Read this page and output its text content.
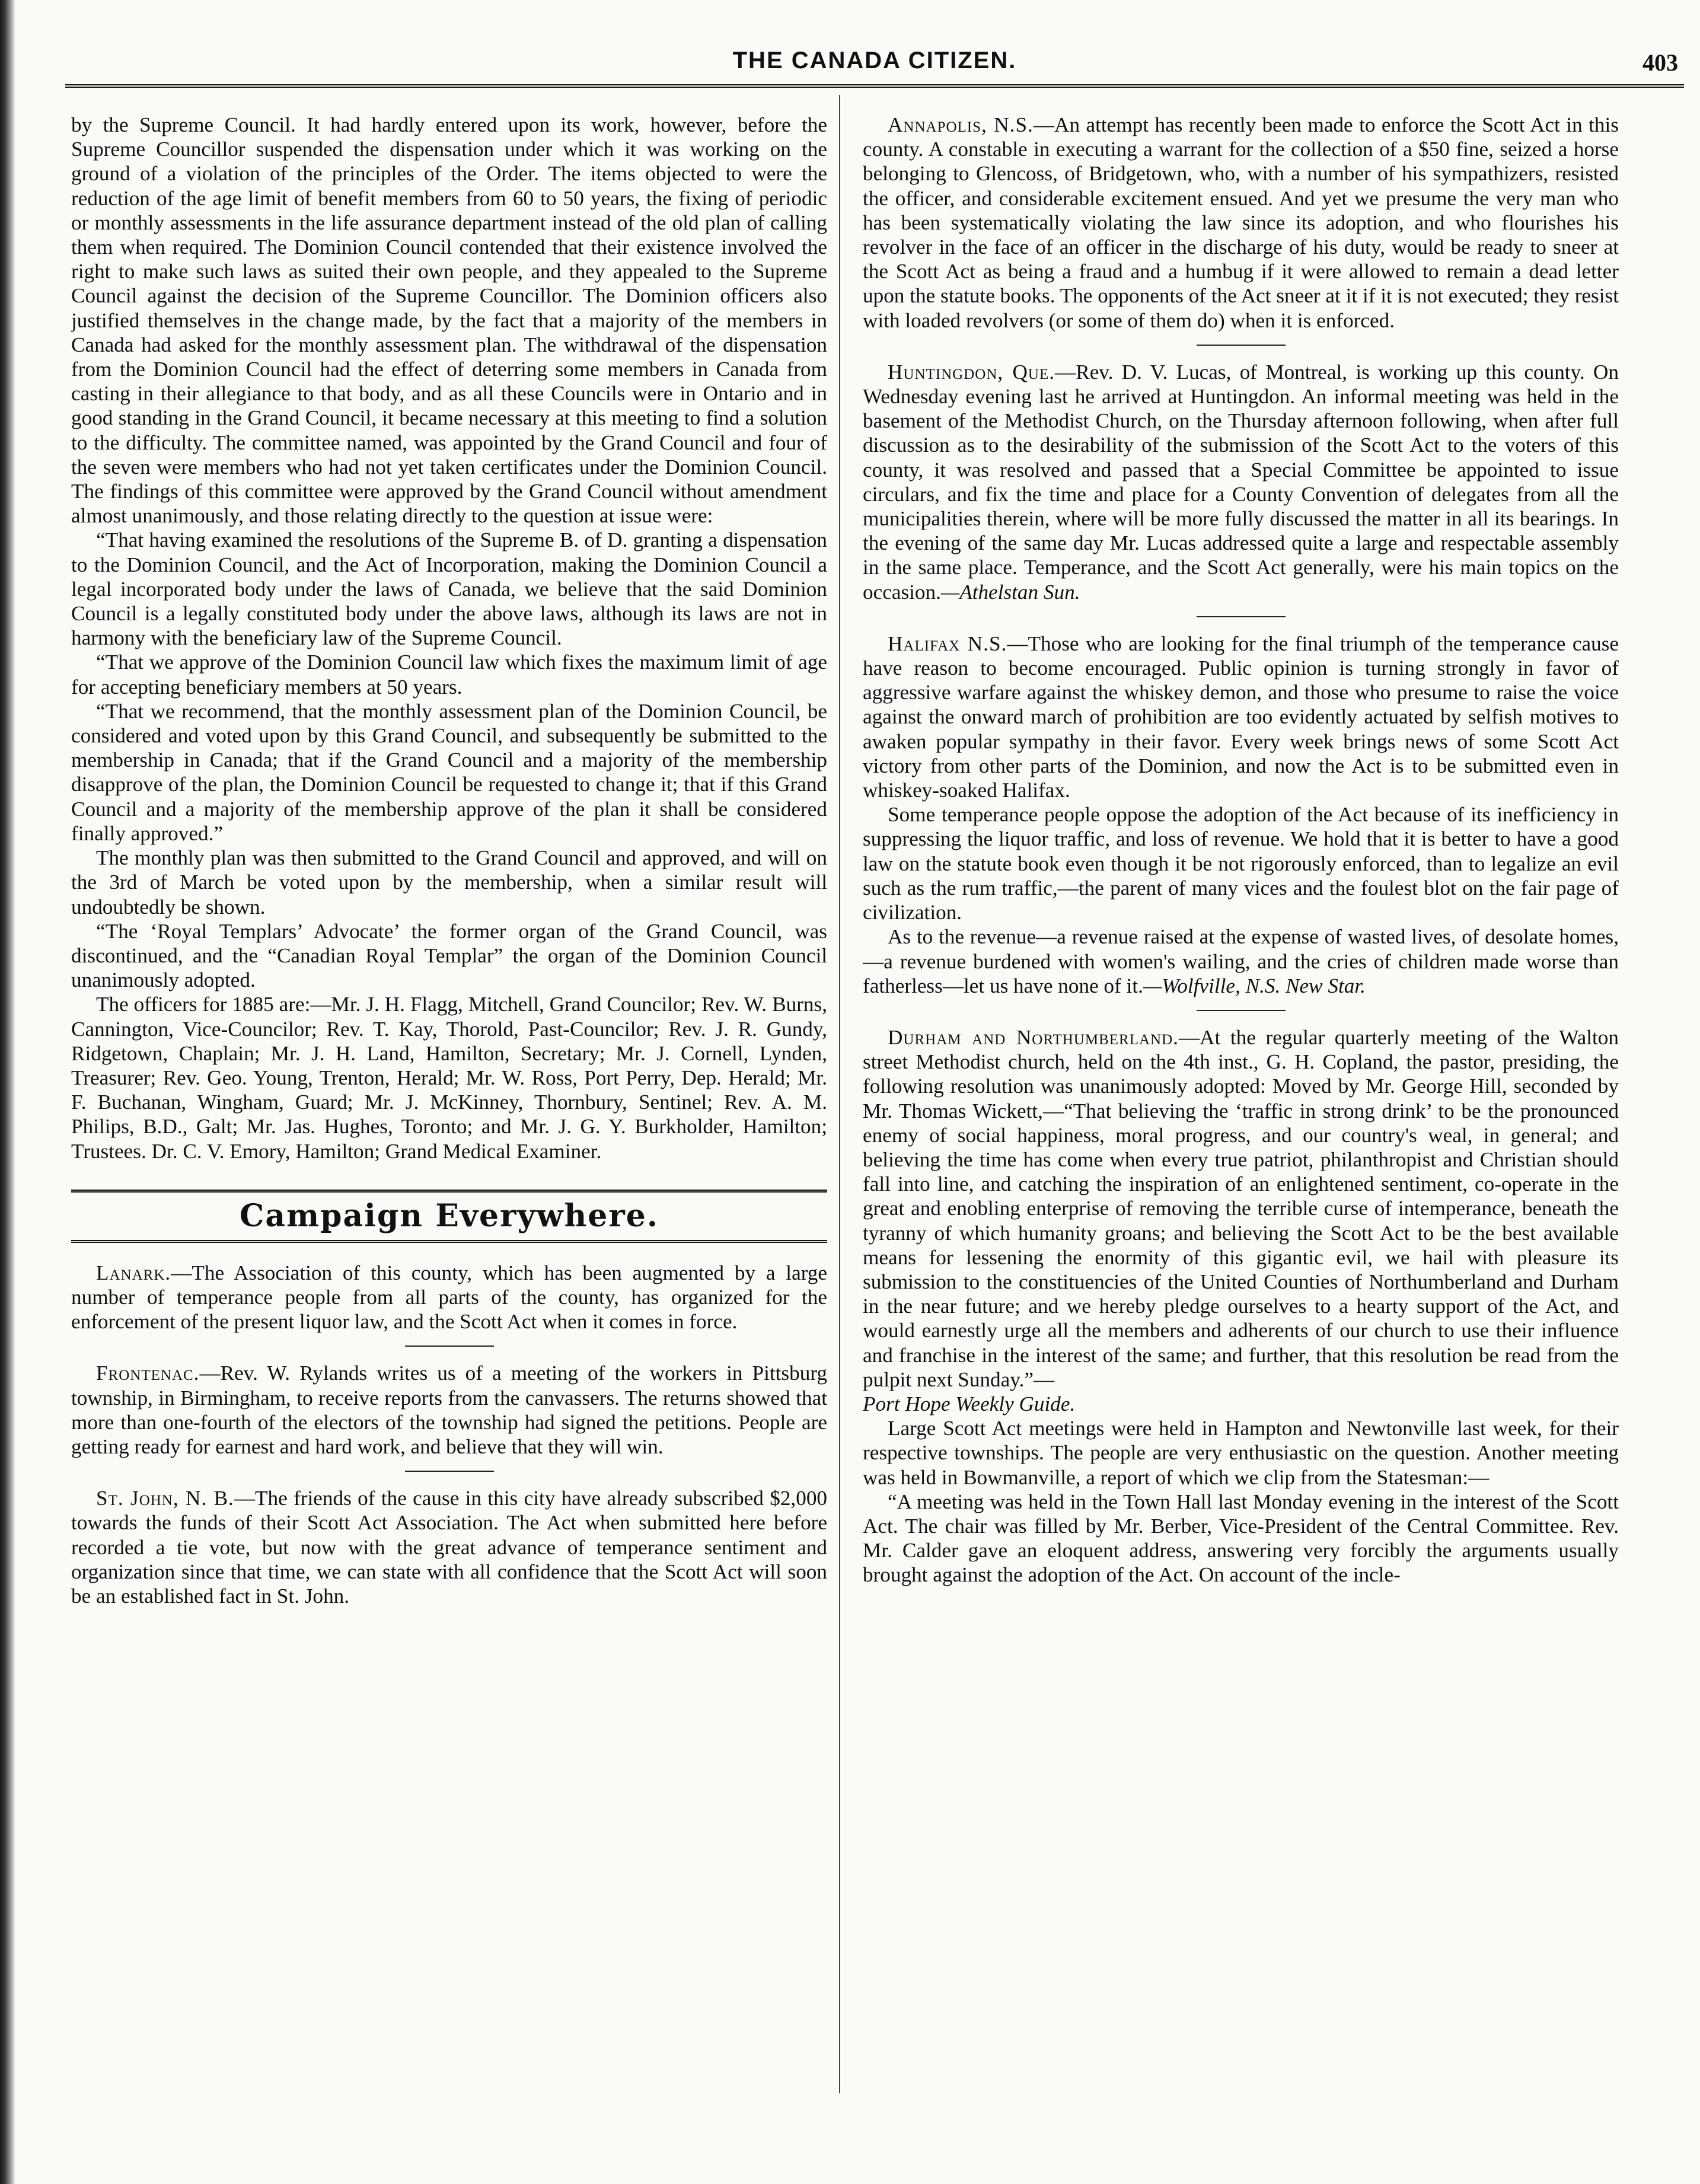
THE CANADA CITIZEN.	403

by the Supreme Council. It had hardly entered upon its work, however, before the Supreme Councillor suspended the dispensation under which it was working on the ground of a violation of the principles of the Order. The items objected to were the reduction of the age limit of benefit members from 60 to 50 years, the fixing of periodic or monthly assessments in the life assurance department instead of the old plan of calling them when required. The Dominion Council contended that their existence involved the right to make such laws as suited their own people, and they appealed to the Supreme Council against the decision of the Supreme Councillor. The Dominion officers also justified themselves in the change made, by the fact that a majority of the members in Canada had asked for the monthly assessment plan. The withdrawal of the dispensation from the Dominion Council had the effect of deterring some members in Canada from casting in their allegiance to that body, and as all these Councils were in Ontario and in good standing in the Grand Council, it became necessary at this meeting to find a solution to the difficulty. The committee named, was appointed by the Grand Council and four of the seven were members who had not yet taken certificates under the Dominion Council. The findings of this committee were approved by the Grand Council without amendment almost unanimously, and those relating directly to the question at issue were:

“That having examined the resolutions of the Supreme B. of D. granting a dispensation to the Dominion Council, and the Act of Incorporation, making the Dominion Council a legal incorporated body under the laws of Canada, we believe that the said Dominion Council is a legally constituted body under the above laws, although its laws are not in harmony with the beneficiary law of the Supreme Council.

“That we approve of the Dominion Council law which fixes the maximum limit of age for accepting beneficiary members at 50 years.

“That we recommend, that the monthly assessment plan of the Dominion Council, be considered and voted upon by this Grand Council, and subsequently be submitted to the membership in Canada; that if the Grand Council and a majority of the membership disapprove of the plan, the Dominion Council be requested to change it; that if this Grand Council and a majority of the membership approve of the plan it shall be considered finally approved.”

The monthly plan was then submitted to the Grand Council and approved, and will on the 3rd of March be voted upon by the membership, when a similar result will undoubtedly be shown.

“The ‘Royal Templars’ Advocate’ the former organ of the Grand Council, was discontinued, and the “Canadian Royal Templar” the organ of the Dominion Council unanimously adopted.

The officers for 1885 are:—Mr. J. H. Flagg, Mitchell, Grand Councilor; Rev. W. Burns, Cannington, Vice-Councilor; Rev. T. Kay, Thorold, Past-Councilor; Rev. J. R. Gundy, Ridgetown, Chaplain; Mr. J. H. Land, Hamilton, Secretary; Mr. J. Cornell, Lynden, Treasurer; Rev. Geo. Young, Trenton, Herald; Mr. W. Ross, Port Perry, Dep. Herald; Mr. F. Buchanan, Wingham, Guard; Mr. J. McKinney, Thornbury, Sentinel; Rev. A. M. Philips, B.D., Galt; Mr. Jas. Hughes, Toronto; and Mr. J. G. Y. Burkholder, Hamilton; Trustees. Dr. C. V. Emory, Hamilton; Grand Medical Examiner.

Campaign Everywhere.

Lanark.—The Association of this county, which has been augmented by a large number of temperance people from all parts of the county, has organized for the enforcement of the present liquor law, and the Scott Act when it comes in force.

Frontenac.—Rev. W. Rylands writes us of a meeting of the workers in Pittsburg township, in Birmingham, to receive reports from the canvassers. The returns showed that more than one-fourth of the electors of the township had signed the petitions. People are getting ready for earnest and hard work, and believe that they will win.

St. John, N. B.—The friends of the cause in this city have already subscribed $2,000 towards the funds of their Scott Act Association. The Act when submitted here before recorded a tie vote, but now with the great advance of temperance sentiment and organization since that time, we can state with all confidence that the Scott Act will soon be an established fact in St. John.

Annapolis, N.S.—An attempt has recently been made to enforce the Scott Act in this county. A constable in executing a warrant for the collection of a $50 fine, seized a horse belonging to Glencoss, of Bridgetown, who, with a number of his sympathizers, resisted the officer, and considerable excitement ensued. And yet we presume the very man who has been systematically violating the law since its adoption, and who flourishes his revolver in the face of an officer in the discharge of his duty, would be ready to sneer at the Scott Act as being a fraud and a humbug if it were allowed to remain a dead letter upon the statute books. The opponents of the Act sneer at it if it is not executed; they resist with loaded revolvers (or some of them do) when it is enforced.

Huntingdon, Que.—Rev. D. V. Lucas, of Montreal, is working up this county. On Wednesday evening last he arrived at Huntingdon. An informal meeting was held in the basement of the Methodist Church, on the Thursday afternoon following, when after full discussion as to the desirability of the submission of the Scott Act to the voters of this county, it was resolved and passed that a Special Committee be appointed to issue circulars, and fix the time and place for a County Convention of delegates from all the municipalities therein, where will be more fully discussed the matter in all its bearings. In the evening of the same day Mr. Lucas addressed quite a large and respectable assembly in the same place. Temperance, and the Scott Act generally, were his main topics on the occasion.—Athelstan Sun.

Halifax N.S.—Those who are looking for the final triumph of the temperance cause have reason to become encouraged. Public opinion is turning strongly in favor of aggressive warfare against the whiskey demon, and those who presume to raise the voice against the onward march of prohibition are too evidently actuated by selfish motives to awaken popular sympathy in their favor. Every week brings news of some Scott Act victory from other parts of the Dominion, and now the Act is to be submitted even in whiskey-soaked Halifax.

Some temperance people oppose the adoption of the Act because of its inefficiency in suppressing the liquor traffic, and loss of revenue. We hold that it is better to have a good law on the statute book even though it be not rigorously enforced, than to legalize an evil such as the rum traffic,—the parent of many vices and the foulest blot on the fair page of civilization.

As to the revenue—a revenue raised at the expense of wasted lives, of desolate homes,—a revenue burdened with women's wailing, and the cries of children made worse than fatherless—let us have none of it.—Wolfville, N.S. New Star.

Durham and Northumberland.—At the regular quarterly meeting of the Walton street Methodist church, held on the 4th inst., G. H. Copland, the pastor, presiding, the following resolution was unanimously adopted: Moved by Mr. George Hill, seconded by Mr. Thomas Wickett,—“That believing the ‘traffic in strong drink’ to be the pronounced enemy of social happiness, moral progress, and our country's weal, in general; and believing the time has come when every true patriot, philanthropist and Christian should fall into line, and catching the inspiration of an enlightened sentiment, co-operate in the great and enobling enterprise of removing the terrible curse of intemperance, beneath the tyranny of which humanity groans; and believing the Scott Act to be the best available means for lessening the enormity of this gigantic evil, we hail with pleasure its submission to the constituencies of the United Counties of Northumberland and Durham in the near future; and we hereby pledge ourselves to a hearty support of the Act, and would earnestly urge all the members and adherents of our church to use their influence and franchise in the interest of the same; and further, that this resolution be read from the pulpit next Sunday.”—
Port Hope Weekly Guide.

Large Scott Act meetings were held in Hampton and Newtonville last week, for their respective townships. The people are very enthusiastic on the question. Another meeting was held in Bowmanville, a report of which we clip from the Statesman:—

“A meeting was held in the Town Hall last Monday evening in the interest of the Scott Act. The chair was filled by Mr. Berber, Vice-President of the Central Committee. Rev. Mr. Calder gave an eloquent address, answering very forcibly the arguments usually brought against the adoption of the Act. On account of the incle-
